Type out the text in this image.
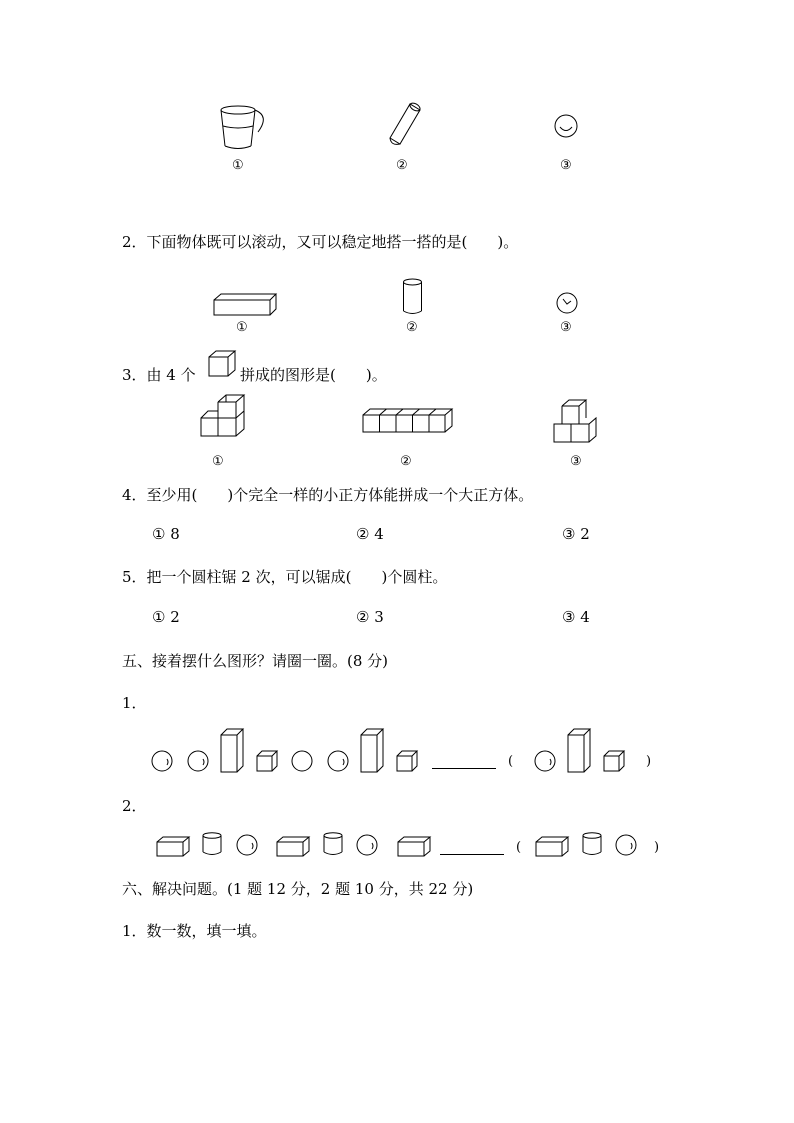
①	②	③
2．下面物体既可以滚动，又可以稳定地搭一搭的是(　　)。
①	②	③
3．由 4 个	拼成的图形是(　　)。
①	②	③
4．至少用(　　)个完全一样的小正方体能拼成一个大正方体。
① 8	② 4	③ 2
5．把一个圆柱锯 2 次，可以锯成(　　)个圆柱。
① 2	② 3	③ 4
五、接着摆什么图形？请圈一圈。(8 分)
1．
(	)
2．
(	)
六、解决问题。(1 题 12 分，2 题 10 分，共 22 分)
1．数一数，填一填。
